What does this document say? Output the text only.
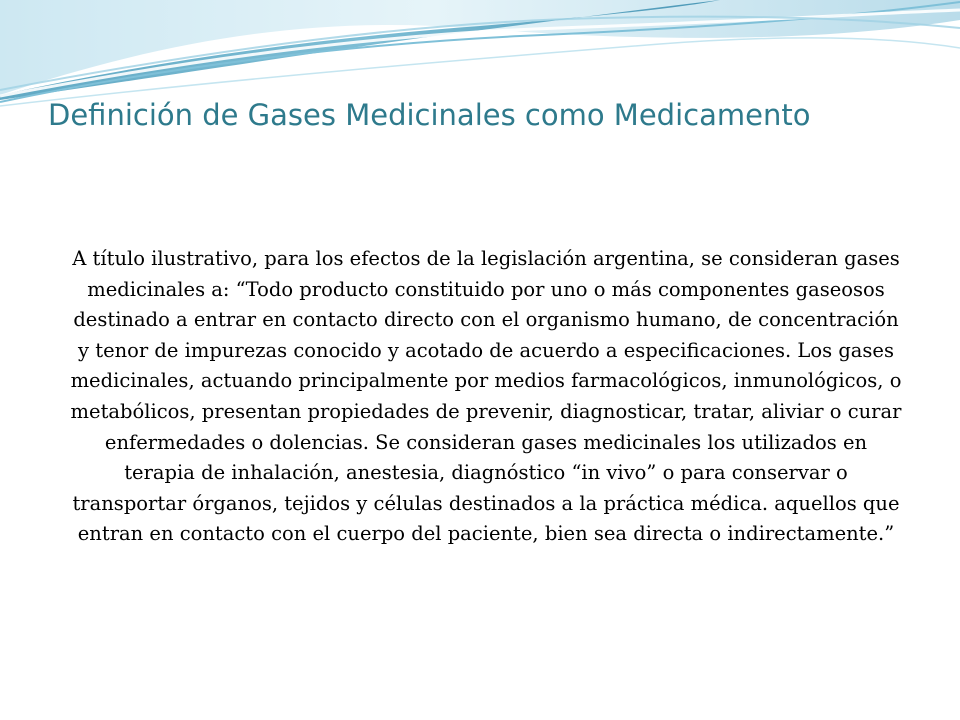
Definición de Gases Medicinales como Medicamento

A título ilustrativo, para los efectos de la legislación argentina, se consideran gases medicinales a: “Todo producto constituido por uno o más componentes gaseosos destinado a entrar en contacto directo con el organismo humano, de concentración y tenor de impurezas conocido y acotado de acuerdo a especificaciones. Los gases medicinales, actuando principalmente por medios farmacológicos, inmunológicos, o metabólicos, presentan propiedades de prevenir, diagnosticar, tratar, aliviar o curar enfermedades o dolencias. Se consideran gases medicinales los utilizados en terapia de inhalación, anestesia, diagnóstico “in vivo” o para conservar o transportar órganos, tejidos y células destinados a la práctica médica. aquellos que entran en contacto con el cuerpo del paciente, bien sea directa o indirectamente.”
